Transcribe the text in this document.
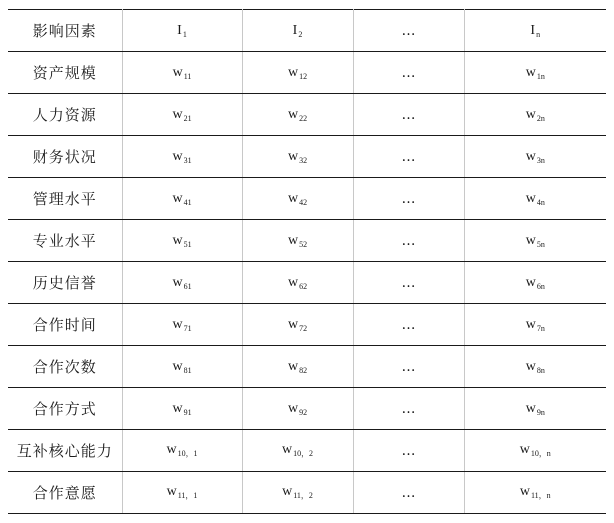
影响因素	$I_1$	$I_2$	…	$I_n$
资产规模	$w_{11}$	$w_{12}$	…	$w_{1n}$
人力资源	$w_{21}$	$w_{22}$	…	$w_{2n}$
财务状况	$w_{31}$	$w_{32}$	…	$w_{3n}$
管理水平	$w_{41}$	$w_{42}$	…	$w_{4n}$
专业水平	$w_{51}$	$w_{52}$	…	$w_{5n}$
历史信誉	$w_{61}$	$w_{62}$	…	$w_{6n}$
合作时间	$w_{71}$	$w_{72}$	…	$w_{7n}$
合作次数	$w_{81}$	$w_{82}$	…	$w_{8n}$
合作方式	$w_{91}$	$w_{92}$	…	$w_{9n}$
互补核心能力	$w_{10,1}$	$w_{10,2}$	…	$w_{10,n}$
合作意愿	$w_{11,1}$	$w_{11,2}$	…	$w_{11,n}$
